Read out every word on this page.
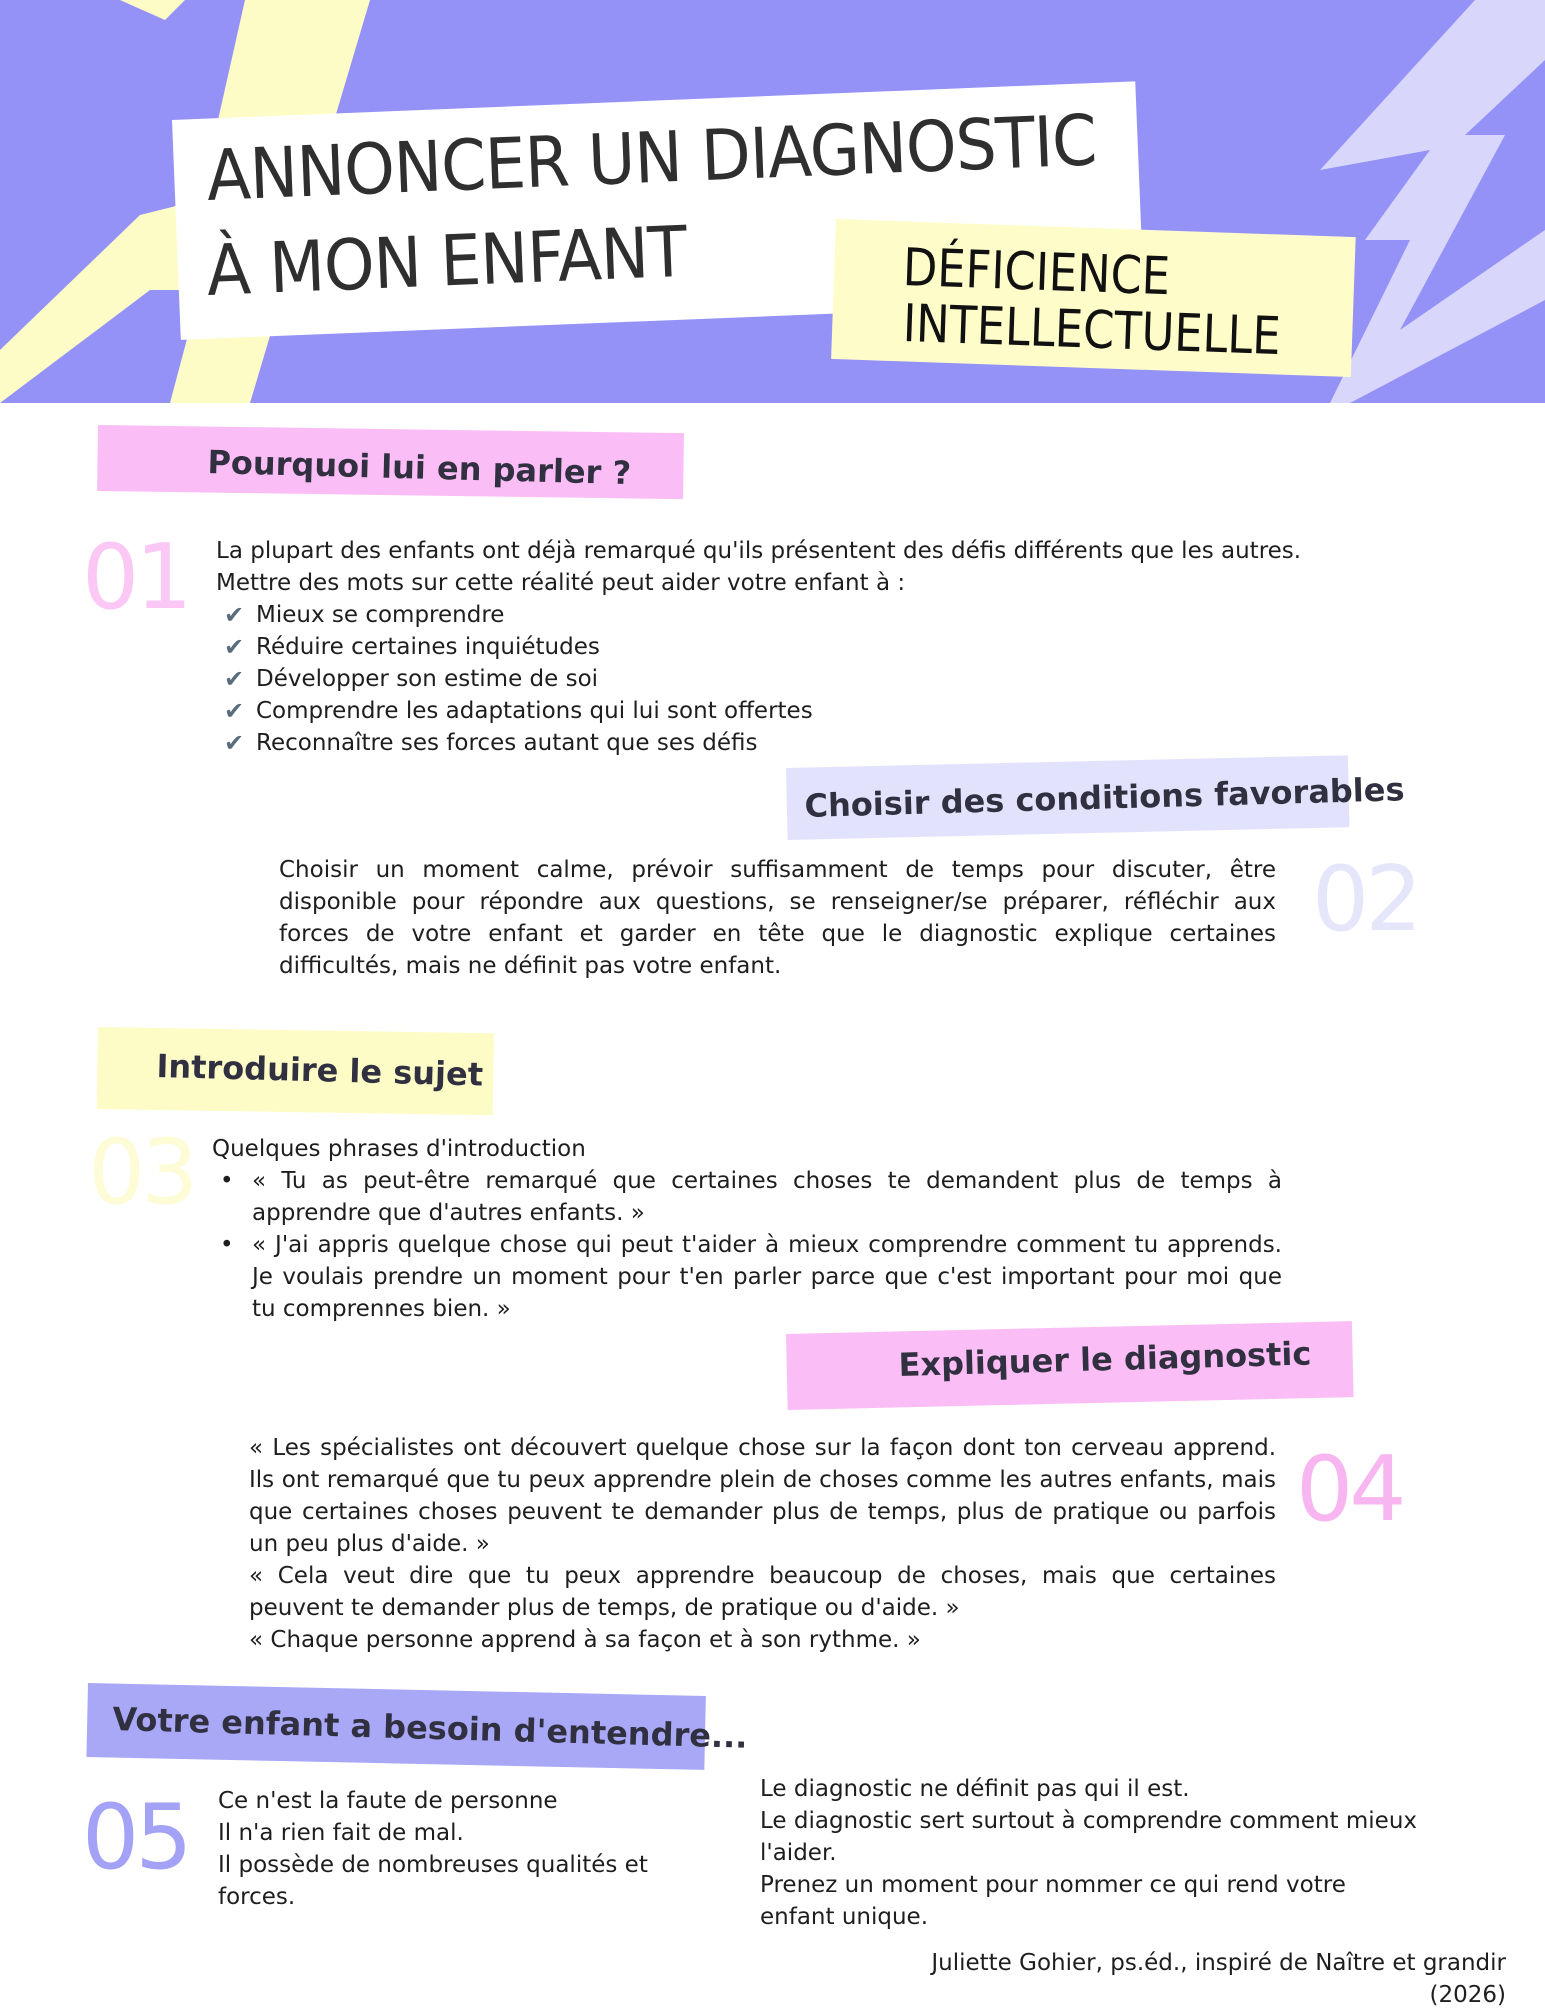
ANNONCER UN DIAGNOSTIC
À MON ENFANT	DÉFICIENCE
INTELLECTUELLE
Pourquoi lui en parler ?
01 La plupart des enfants ont déjà remarqué qu'ils présentent des défis différents que les autres.

Mettre des mots sur cette réalité peut aider votre enfant à :

✔ Mieux se comprendre
✔ Réduire certaines inquiétudes
✔ Développer son estime de soi
✔ Comprendre les adaptations qui lui sont offertes
✔ Reconnaître ses forces autant que ses défis
Choisir des conditions favorables
02
Choisir un moment calme, prévoir suffisamment de temps pour discuter, être disponible pour répondre aux questions, se renseigner/se préparer, réfléchir aux forces de votre enfant et garder en tête que le diagnostic explique certaines difficultés, mais ne définit pas votre enfant.
Introduire le sujet
03 Quelques phrases d'introduction

• « Tu as peut-être remarqué que certaines choses te demandent plus de temps à apprendre que d'autres enfants. »
• « J'ai appris quelque chose qui peut t'aider à mieux comprendre comment tu apprends. Je voulais prendre un moment pour t'en parler parce que c'est important pour moi que tu comprennes bien. »
Expliquer le diagnostic
04

« Les spécialistes ont découvert quelque chose sur la façon dont ton cerveau apprend. Ils ont remarqué que tu peux apprendre plein de choses comme les autres enfants, mais que certaines choses peuvent te demander plus de temps, plus de pratique ou parfois un peu plus d'aide. »

« Cela veut dire que tu peux apprendre beaucoup de choses, mais que certaines peuvent te demander plus de temps, de pratique ou d'aide. »

« Chaque personne apprend à sa façon et à son rythme. »

Votre enfant a besoin d'entendre...
05 Ce n'est la faute de personne

Il n'a rien fait de mal.

Il possède de nombreuses qualités et forces.

Le diagnostic ne définit pas qui il est.

Le diagnostic sert surtout à comprendre comment mieux l'aider.

Prenez un moment pour nommer ce qui rend votre enfant unique.

Juliette Gohier, ps.éd., inspiré de Naître et grandir (2026)
